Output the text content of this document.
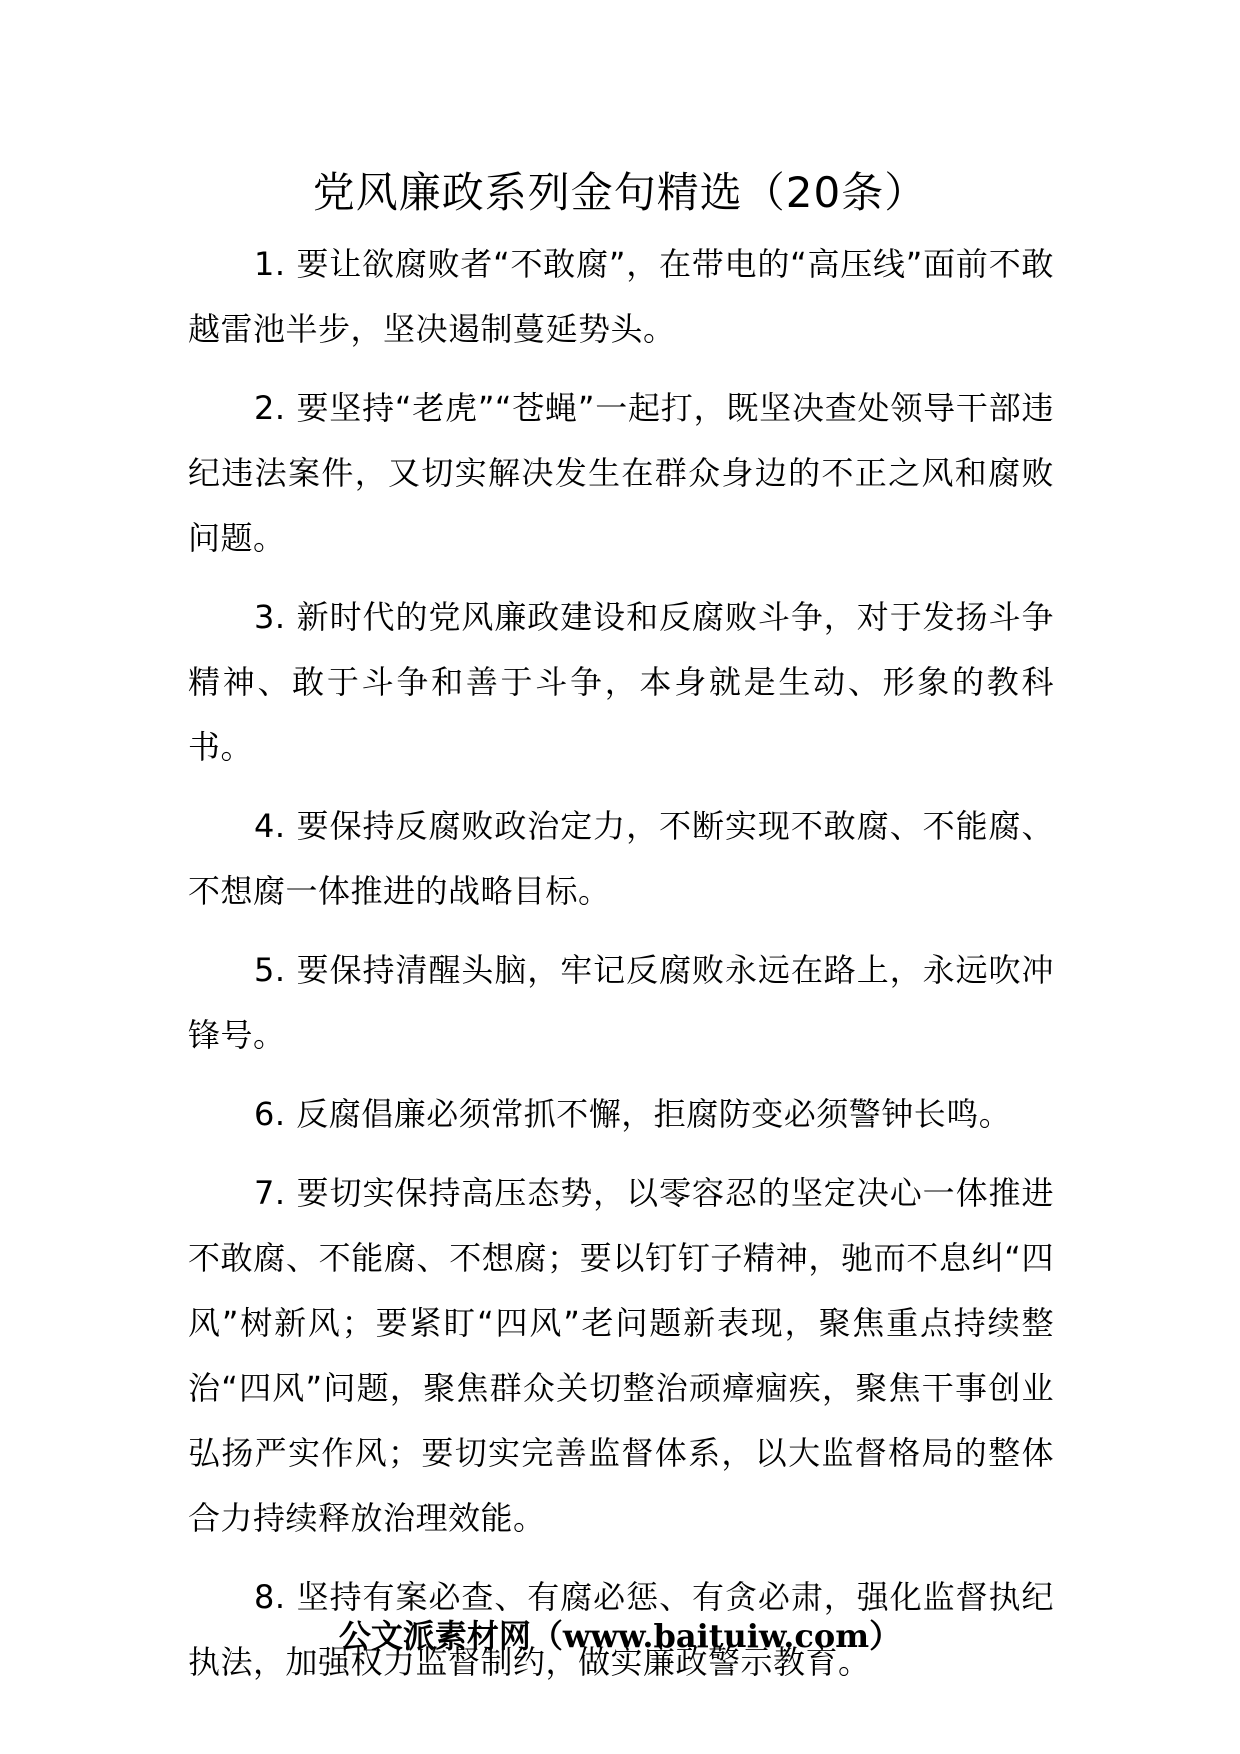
党风廉政系列金句精选（20条）

1. 要让欲腐败者“不敢腐”，在带电的“高压线”面前不敢越雷池半步，坚决遏制蔓延势头。

2. 要坚持“老虎”“苍蝇”一起打，既坚决查处领导干部违纪违法案件，又切实解决发生在群众身边的不正之风和腐败问题。

3. 新时代的党风廉政建设和反腐败斗争，对于发扬斗争精神、敢于斗争和善于斗争，本身就是生动、形象的教科书。

4. 要保持反腐败政治定力，不断实现不敢腐、不能腐、不想腐一体推进的战略目标。

5. 要保持清醒头脑，牢记反腐败永远在路上，永远吹冲锋号。

6. 反腐倡廉必须常抓不懈，拒腐防变必须警钟长鸣。

7. 要切实保持高压态势，以零容忍的坚定决心一体推进不敢腐、不能腐、不想腐；要以钉钉子精神，驰而不息纠“四风”树新风；要紧盯“四风”老问题新表现，聚焦重点持续整治“四风”问题，聚焦群众关切整治顽瘴痼疾，聚焦干事创业弘扬严实作风；要切实完善监督体系，以大监督格局的整体合力持续释放治理效能。

8. 坚持有案必查、有腐必惩、有贪必肃，强化监督执纪执法，加强权力监督制约，做实廉政警示教育。

公文派素材网（www.baituiw.com）
